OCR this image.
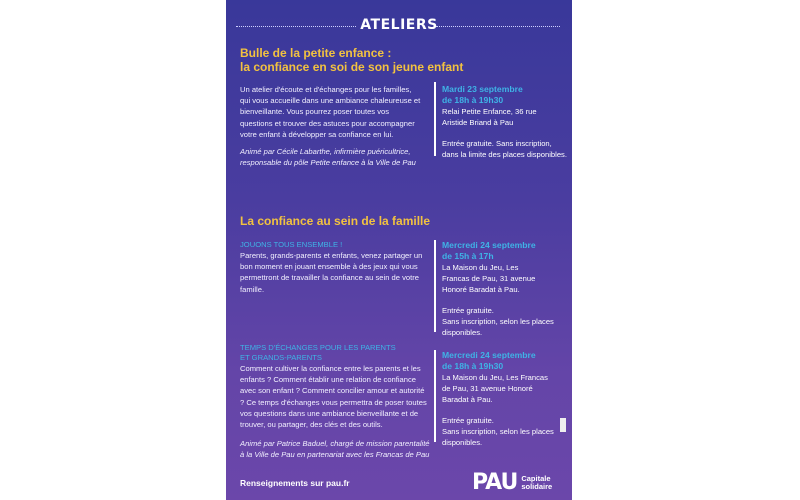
ATELIERS
Bulle de la petite enfance :
la confiance en soi de son jeune enfant
Un atelier d'écoute et d'échanges pour les familles, qui vous accueille dans une ambiance chaleureuse et bienveillante. Vous pourrez poser toutes vos questions et trouver des astuces pour accompagner votre enfant à développer sa confiance en lui.
Animé par Cécile Labarthe, infirmière puéricultrice, responsable du pôle Petite enfance à la Ville de Pau
Mardi 23 septembre
de 18h à 19h30
Relai Petite Enfance, 36 rue Aristide Briand à Pau
Entrée gratuite. Sans inscription, dans la limite des places disponibles.
La confiance au sein de la famille
JOUONS TOUS ENSEMBLE !
Parents, grands-parents et enfants, venez partager un bon moment en jouant ensemble à des jeux qui vous permettront de travailler la confiance au sein de votre famille.
Mercredi 24 septembre
de 15h à 17h
La Maison du Jeu, Les Francas de Pau, 31 avenue Honoré Baradat à Pau.
Entrée gratuite.
Sans inscription, selon les places disponibles.
TEMPS D'ÉCHANGES POUR LES PARENTS
ET GRANDS-PARENTS
Comment cultiver la confiance entre les parents et les enfants ? Comment établir une relation de confiance avec son enfant ? Comment concilier amour et autorité ? Ce temps d'échanges vous permettra de poser toutes vos questions dans une ambiance bienveillante et de trouver, ou partager, des clés et des outils.
Animé par Patrice Baduel, chargé de mission parentalité à la Ville de Pau en partenariat avec les Francas de Pau
Mercredi 24 septembre
de 18h à 19h30
La Maison du Jeu, Les Francas de Pau, 31 avenue Honoré Baradat à Pau.
Entrée gratuite.
Sans inscription, selon les places disponibles.
Renseignements sur pau.fr	PAU Capitale
solidaire
